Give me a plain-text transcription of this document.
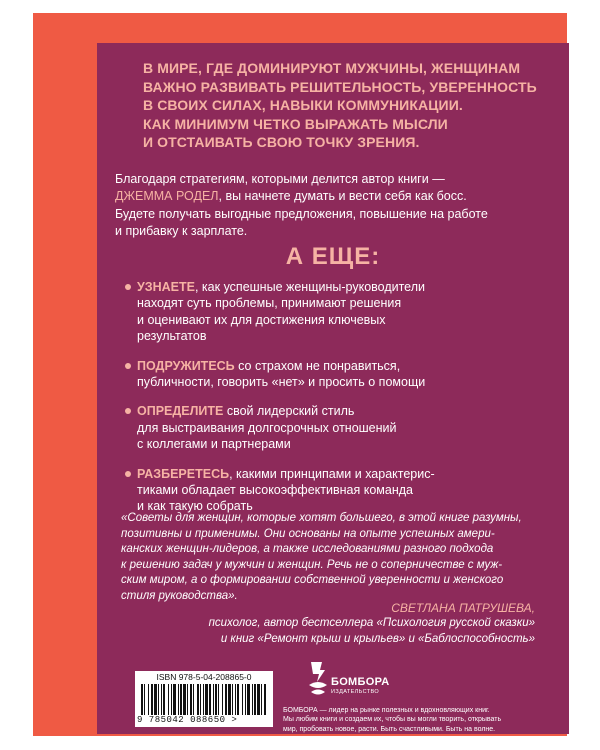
В МИРЕ, ГДЕ ДОМИНИРУЮТ МУЖЧИНЫ, ЖЕНЩИНАМ
ВАЖНО РАЗВИВАТЬ РЕШИТЕЛЬНОСТЬ, УВЕРЕННОСТЬ
В СВОИХ СИЛАХ, НАВЫКИ КОММУНИКАЦИИ.
КАК МИНИМУМ ЧЕТКО ВЫРАЖАТЬ МЫСЛИ
И ОТСТАИВАТЬ СВОЮ ТОЧКУ ЗРЕНИЯ.
Благодаря стратегиям, которыми делится автор книги —
ДЖЕММА РОДЕЛ, вы начнете думать и вести себя как босс.
Будете получать выгодные предложения, повышение на работе
и прибавку к зарплате.
А ЕЩЕ:
УЗНАЕТЕ, как успешные женщины-руководители
находят суть проблемы, принимают решения
и оценивают их для достижения ключевых
результатов
ПОДРУЖИТЕСЬ со страхом не понравиться,
публичности, говорить «нет» и просить о помощи
ОПРЕДЕЛИТЕ свой лидерский стиль
для выстраивания долгосрочных отношений
с коллегами и партнерами
РАЗБЕРЕТЕСЬ, какими принципами и характерис-
тиками обладает высокоэффективная команда
и как такую собрать
«Советы для женщин, которые хотят большего, в этой книге разумны,
позитивны и применимы. Они основаны на опыте успешных амери-
канских женщин-лидеров, а также исследованиями разного подхода
к решению задач у мужчин и женщин. Речь не о соперничестве с муж-
ским миром, а о формировании собственной уверенности и женского
стиля руководства».
СВЕТЛАНА ПАТРУШЕВА,
психолог, автор бестселлера «Психология русской сказки»
и книг «Ремонт крыш и крыльев» и «Баблоспособность»
ISBN 978-5-04-208865-0
9 785042 088650 >
БОМБОРА
ИЗДАТЕЛЬСТВО
БОМБОРА — лидер на рынке полезных и вдохновляющих книг.
Мы любим книги и создаем их, чтобы вы могли творить, открывать
мир, пробовать новое, расти. Быть счастливыми. Быть на волне.
